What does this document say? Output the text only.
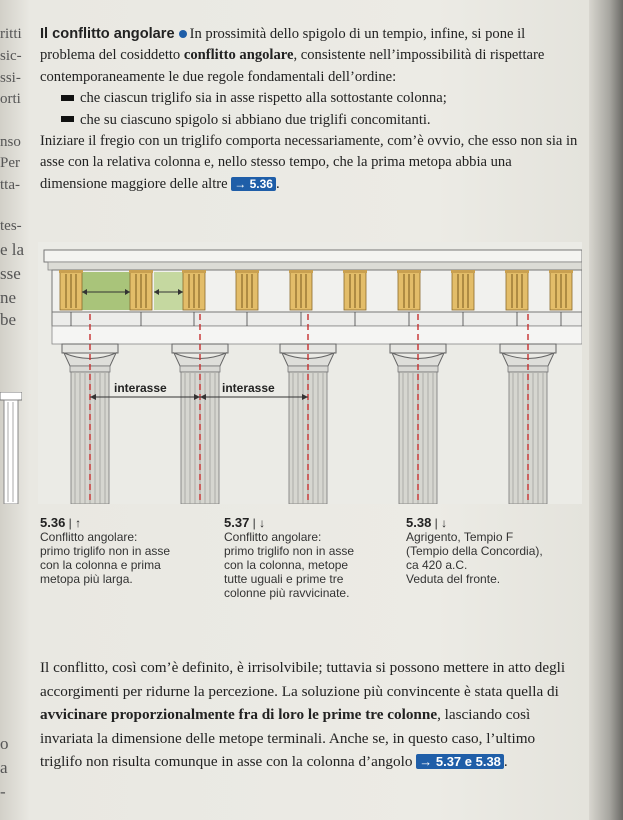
ritti
sic-
ssi-
orti
nso
Per
tta-
tes-
e la
sse
ne
be
o
a
-

Il conflitto angolare In prossimità dello spigolo di un tempio, infine, si pone il problema del cosiddetto conflitto angolare, consistente nell’impossibilità di rispettare contemporaneamente le due regole fondamentali dell’ordine:

che ciascun triglifo sia in asse rispetto alla sottostante colonna;

che su ciascuno spigolo si abbiano due triglifi concomitanti.

Iniziare il fregio con un triglifo comporta necessariamente, com’è ovvio, che esso non sia in asse con la relativa colonna e, nello stesso tempo, che la prima metopa abbia una dimensione maggiore delle altre → 5.36 .

interasse	interasse
5.36 | ↑

Conflitto angolare:

primo triglifo non in asse

con la colonna e prima

metopa più larga.

5.37 | ↓

Conflitto angolare:

primo triglifo non in asse

con la colonna, metope

tutte uguali e prime tre

colonne più ravvicinate.

5.38 | ↓

Agrigento, Tempio F

(Tempio della Concordia),

ca 420 a.C.

Veduta del fronte.

Il conflitto, così com’è definito, è irrisolvibile; tuttavia si possono mettere in atto degli accorgimenti per ridurne la percezione. La soluzione più convincente è stata quella di avvicinare proporzionalmente fra di loro le prime tre colonne, lasciando così invariata la dimensione delle metope terminali. Anche se, in questo caso, l’ultimo triglifo non risulta comunque in asse con la colonna d’angolo → 5.37 e 5.38 .
